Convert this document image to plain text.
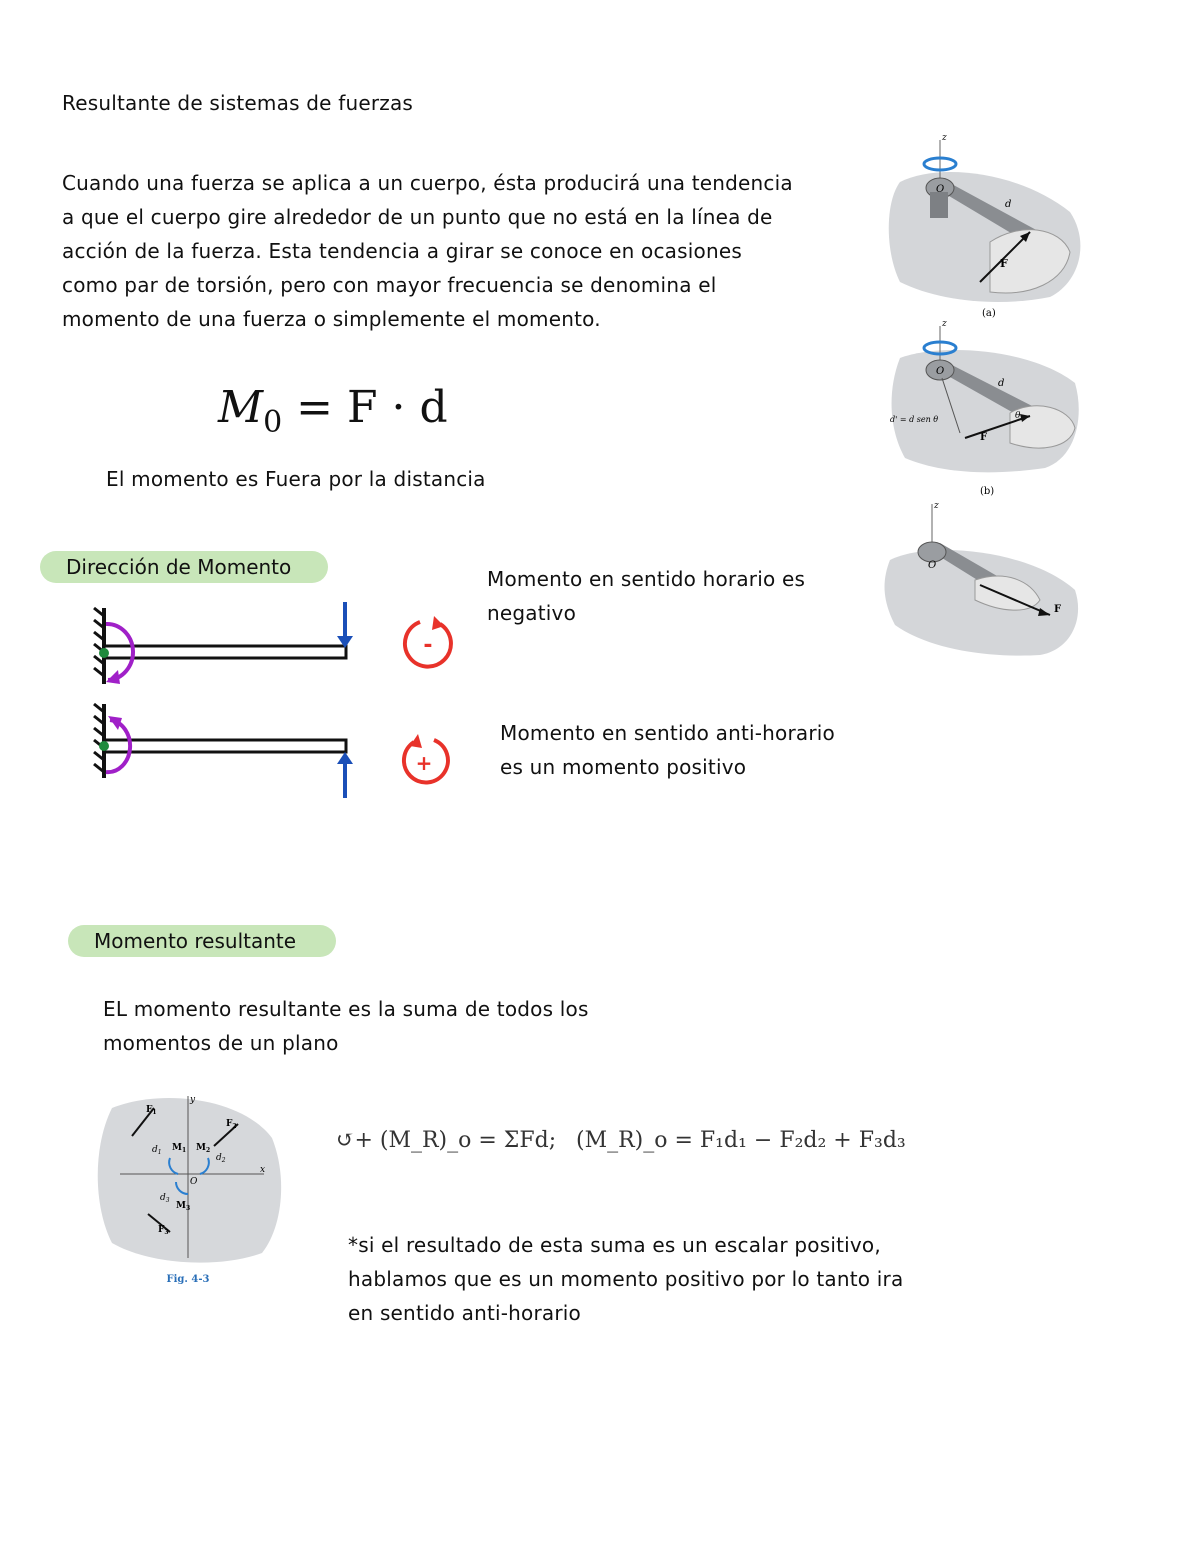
Resultante de sistemas de fuerzas
Cuando una fuerza se aplica a un cuerpo, ésta producirá una tendencia
a que el cuerpo gire alrededor de un punto que no está en la línea de
acción de la fuerza. Esta tendencia a girar se conoce en ocasiones
como par de torsión, pero con mayor frecuencia se denomina el
momento de una fuerza o simplemente el momento.
$M_0 = F \cdot d$
El momento es Fuera por la distancia
z
O
d
F
(a)
z
O
d
θ
d' = d sen θ
F
(b)
z
O
F
Dirección de Momento
-
Momento en sentido horario es
negativo
+
Momento en sentido anti-horario
es un momento positivo
Momento resultante
EL momento resultante es la suma de todos los
momentos de un plano
$F_1$
$F_2$
$F_3$
$d_1$
$d_2$
$d_3$
$M_1$ $M_2$
$M_3$
O
x
y
Fig. 4-3
↺+ (M_R)_o = ΣFd; (M_R)_o = F₁d₁ − F₂d₂ + F₃d₃
*si el resultado de esta suma es un escalar positivo,
hablamos que es un momento positivo por lo tanto ira
en sentido anti-horario
